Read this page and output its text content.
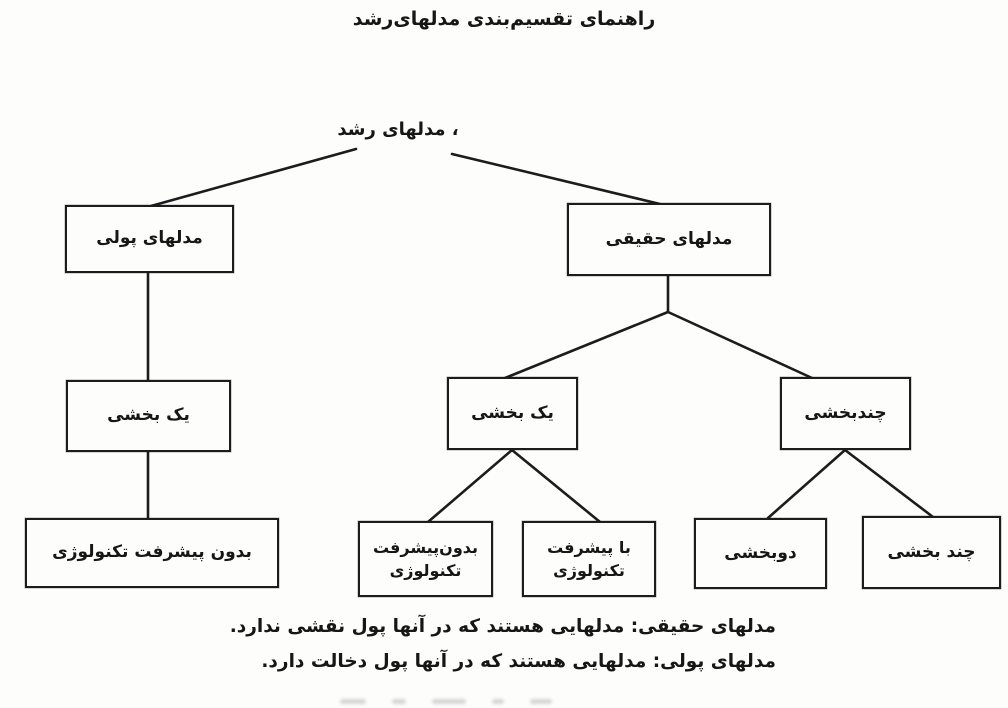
راهنمای تقسیم‌بندی مدلهای‌رشد
، مدلهای رشد
مدلهای پولی	مدلهای حقیقی
یک بخشی	یک بخشی	چندبخشی
بدون پیشرفت تکنولوژی	بدون‌پیشرفت
تکنولوژی
با پیشرفت
تکنولوژی
دوبخشی	چند بخشی
مدلهای حقیقی: مدلهایی هستند که در آنها پول نقشی ندارد.
مدلهای پولی: مدلهایی هستند که در آنها پول دخالت دارد.
